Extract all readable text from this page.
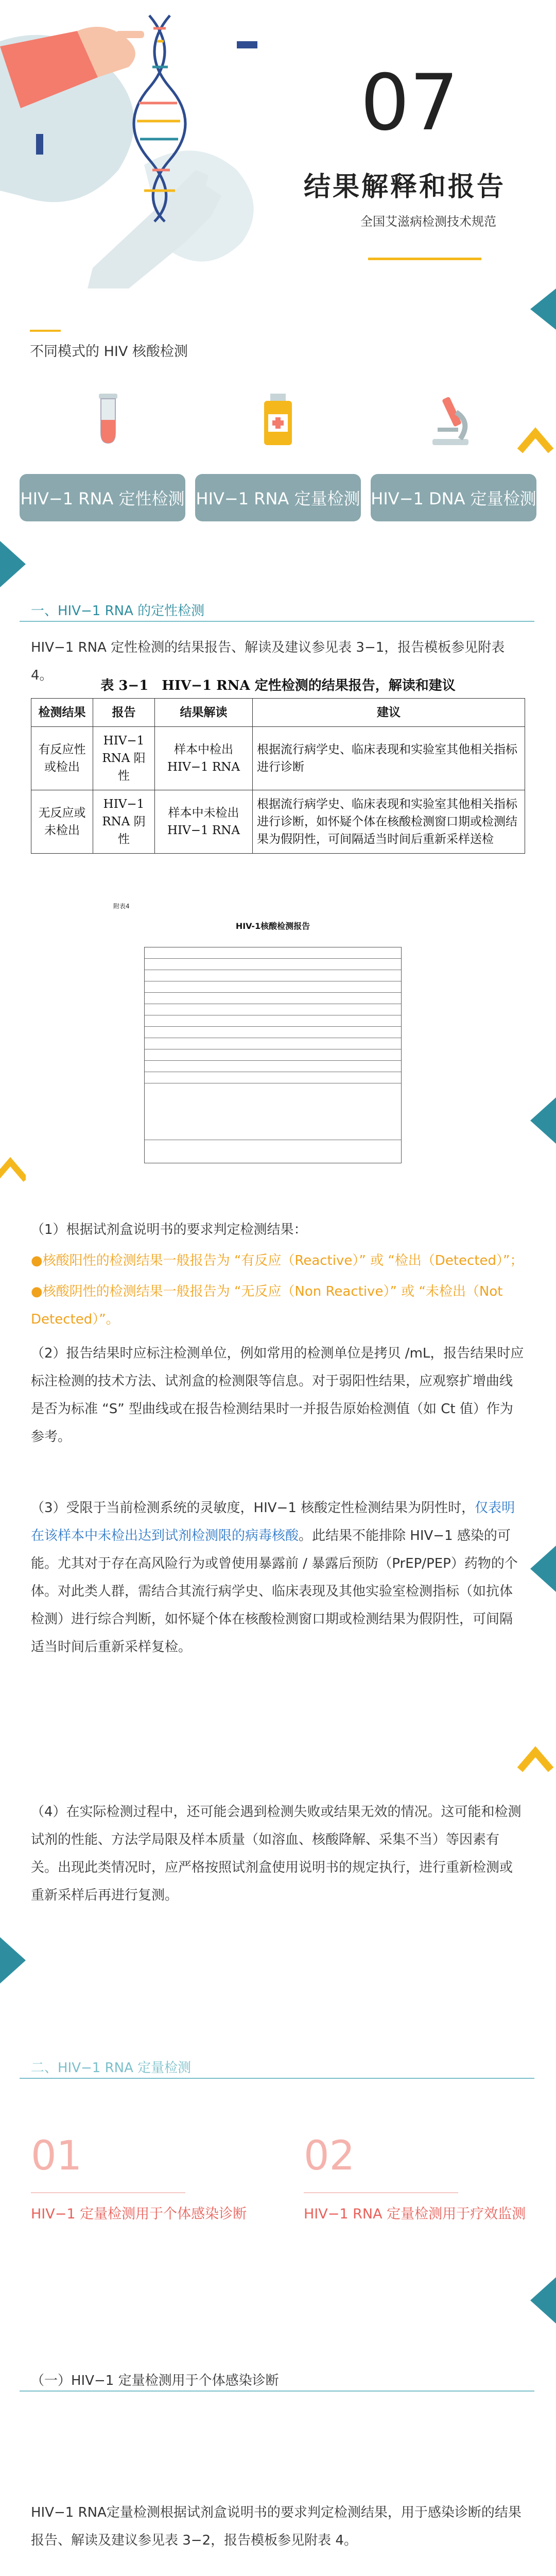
07
结果解释和报告
全国艾滋病检测技术规范
不同模式的 HIV 核酸检测
HIV−1 RNA 定性检测 HIV−1 RNA 定量检测 HIV−1 DNA 定量检测
一、HIV−1 RNA 的定性检测
HIV−1 RNA 定性检测的结果报告、解读及建议参见表 3−1，报告模板参见附表 4。
表 3−1　HIV−1 RNA 定性检测的结果报告，解读和建议
检测结果	报告	结果解读	建议
有反应性或检出	HIV−1 RNA 阳性	样本中检出 HIV−1 RNA	根据流行病学史、临床表现和实验室其他相关指标进行诊断
无反应或未检出	HIV−1 RNA 阴性	样本中未检出 HIV−1 RNA	根据流行病学史、临床表现和实验室其他相关指标进行诊断，如怀疑个体在核酸检测窗口期或检测结果为假阴性，可间隔适当时间后重新采样送检
附表4
HIV-1核酸检测报告
（1）根据试剂盒说明书的要求判定检测结果：
●核酸阳性的检测结果一般报告为 “有反应（Reactive）” 或 “检出（Detected）”；
●核酸阴性的检测结果一般报告为 “无反应（Non Reactive）” 或 “未检出（Not Detected）”。
（2）报告结果时应标注检测单位，例如常用的检测单位是拷贝 /mL，报告结果时应标注检测的技术方法、试剂盒的检测限等信息。对于弱阳性结果，应观察扩增曲线是否为标准 “S” 型曲线或在报告检测结果时一并报告原始检测值（如 Ct 值）作为参考。
（3）受限于当前检测系统的灵敏度，HIV−1 核酸定性检测结果为阴性时，仅表明在该样本中未检出达到试剂检测限的病毒核酸。此结果不能排除 HIV−1 感染的可能。尤其对于存在高风险行为或曾使用暴露前 / 暴露后预防（PrEP/PEP）药物的个体。对此类人群，需结合其流行病学史、临床表现及其他实验室检测指标（如抗体检测）进行综合判断，如怀疑个体在核酸检测窗口期或检测结果为假阴性，可间隔适当时间后重新采样复检。
（4）在实际检测过程中，还可能会遇到检测失败或结果无效的情况。这可能和检测试剂的性能、方法学局限及样本质量（如溶血、核酸降解、采集不当）等因素有关。出现此类情况时，应严格按照试剂盒使用说明书的规定执行，进行重新检测或重新采样后再进行复测。
二、HIV−1 RNA 定量检测
01
HIV−1 定量检测用于个体感染诊断
02
HIV−1 RNA 定量检测用于疗效监测
（一）HIV−1 定量检测用于个体感染诊断
HIV−1 RNA定量检测根据试剂盒说明书的要求判定检测结果，用于感染诊断的结果报告、解读及建议参见表 3−2，报告模板参见附表 4。
